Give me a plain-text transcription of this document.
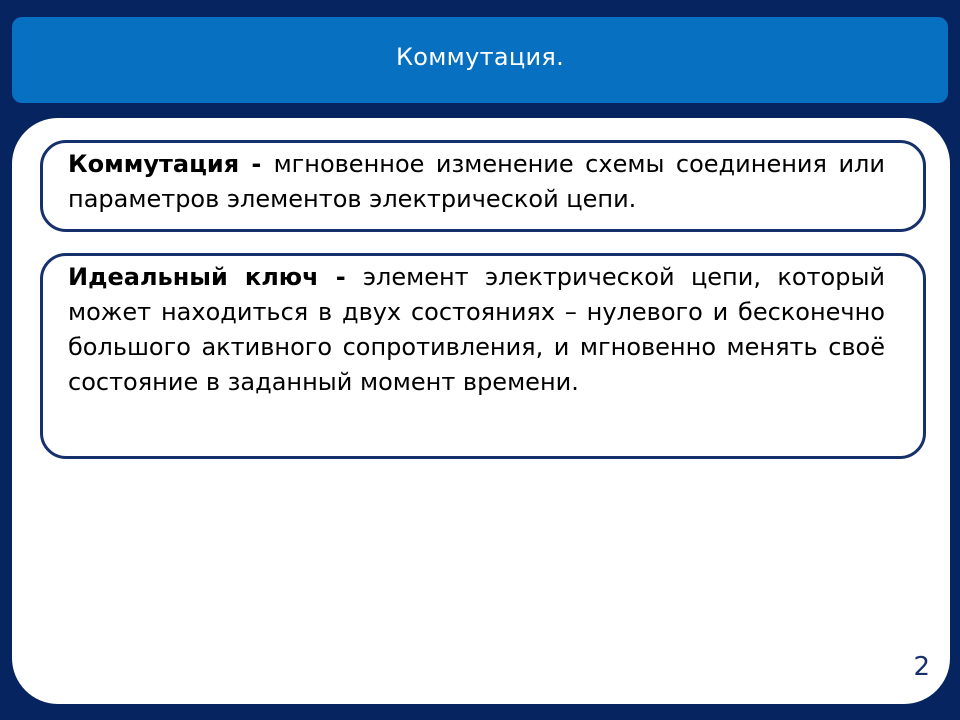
Коммутация.

Коммутация - мгновенное изменение схемы соединения или параметров элементов электрической цепи.

Идеальный ключ - элемент электрической цепи, который может находиться в двух состояниях – нулевого и бесконечно большого активного сопротивления, и мгновенно менять своё состояние в заданный момент времени.

2
